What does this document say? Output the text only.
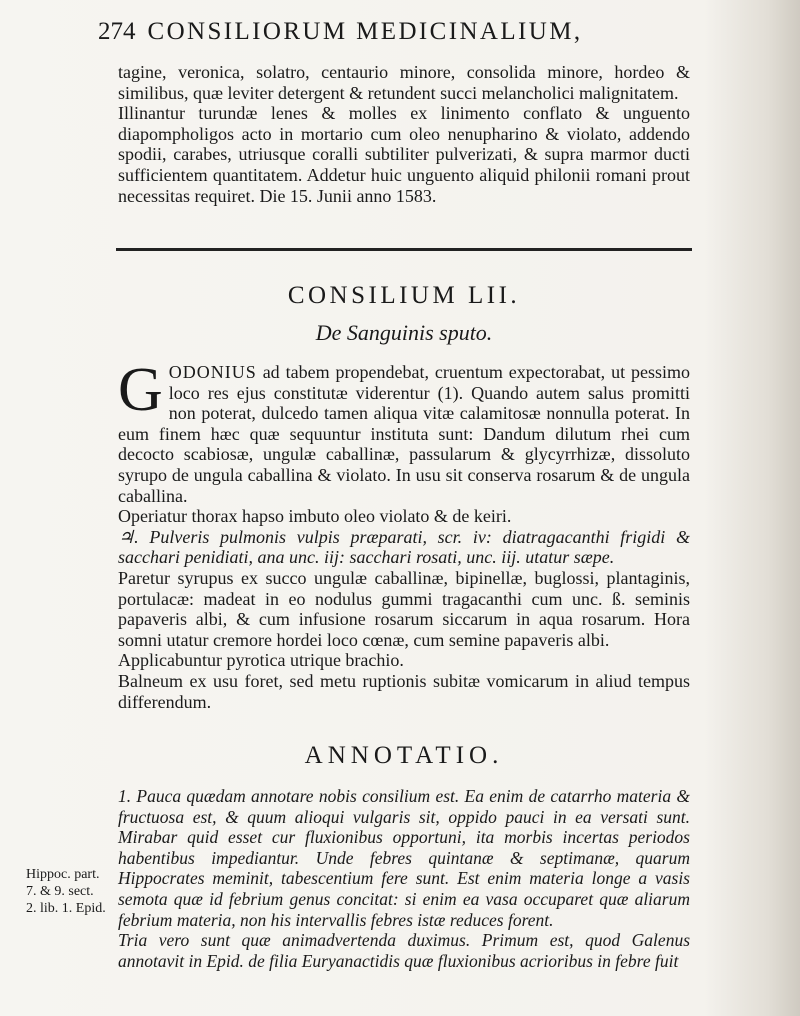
274 CONSILIORUM MEDICINALIUM,

tagine, veronica, solatro, centaurio minore, consolida minore, hordeo & similibus, quæ leviter detergent & retundent succi melancholici malignitatem.

Illinantur turundæ lenes & molles ex linimento conflato & unguento diapompholigos acto in mortario cum oleo nenupharino & violato, addendo spodii, carabes, utriusque coralli subtiliter pulverizati, & supra marmor ducti sufficientem quantitatem. Addetur huic unguento aliquid philonii romani prout necessitas requiret. Die 15. Junii anno 1583.

CONSILIUM LII.
De Sanguinis sputo.

GODONIUS ad tabem propendebat, cruentum expectorabat, ut pessimo loco res ejus constitutæ viderentur (1). Quando autem salus promitti non poterat, dulcedo tamen aliqua vitæ calamitosæ nonnulla poterat. In eum finem hæc quæ sequuntur instituta sunt: Dandum dilutum rhei cum decocto scabiosæ, ungulæ caballinæ, passularum & glycyrrhizæ, dissoluto syrupo de ungula caballina & violato. In usu sit conserva rosarum & de ungula caballina.

Operiatur thorax hapso imbuto oleo violato & de keiri.

♃. Pulveris pulmonis vulpis præparati, scr. iv: diatragacanthi frigidi & sacchari penidiati, ana unc. iij: sacchari rosati, unc. iij. utatur sæpe.

Paretur syrupus ex succo ungulæ caballinæ, bipinellæ, buglossi, plantaginis, portulacæ: madeat in eo nodulus gummi tragacanthi cum unc. ß. seminis papaveris albi, & cum infusione rosarum siccarum in aqua rosarum. Hora somni utatur cremore hordei loco cœnæ, cum semine papaveris albi.

Applicabuntur pyrotica utrique brachio.

Balneum ex usu foret, sed metu ruptionis subitæ vomicarum in aliud tempus differendum.

ANNOTATIO.

1. Pauca quædam annotare nobis consilium est. Ea enim de catarrho materia & fructuosa est, & quum alioqui vulgaris sit, oppido pauci in ea versati sunt. Mirabar quid esset cur fluxionibus opportuni, ita morbis incertas periodos habentibus impediantur. Unde febres quintanæ & septimanæ, quarum Hippocrates meminit, tabescentium fere sunt. Est enim materia longe a vasis semota quæ id febrium genus concitat: si enim ea vasa occuparet quæ aliarum febrium materia, non his intervallis febres istæ reduces forent.

Tria vero sunt quæ animadvertenda duximus. Primum est, quod Galenus annotavit in Epid. de filia Euryanactidis quæ fluxionibus acrioribus in febre fuit

Hippoc. part.
7. & 9. sect.
2. lib. 1. Epid.
